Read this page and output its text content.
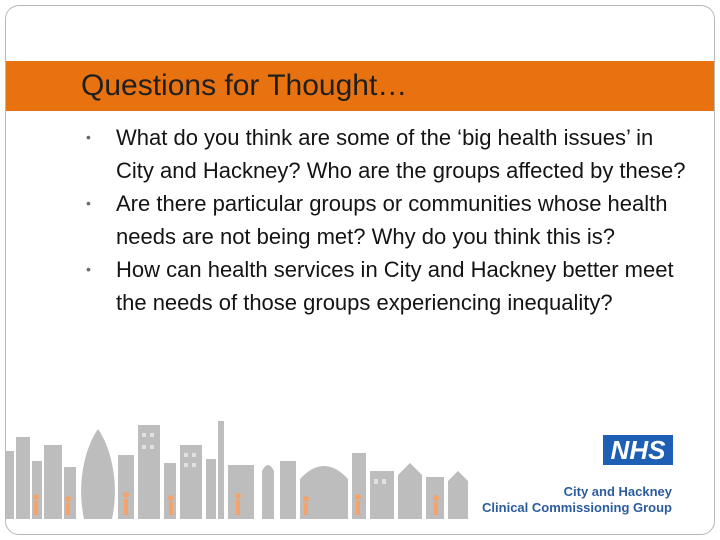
Questions for Thought…
• What do you think are some of the ‘big health issues’ in City and Hackney? Who are the groups affected by these?
• Are there particular groups or communities whose health needs are not being met? Why do you think this is?
• How can health services in City and Hackney better meet the needs of those groups experiencing inequality?
NHS
City and Hackney
Clinical Commissioning Group
